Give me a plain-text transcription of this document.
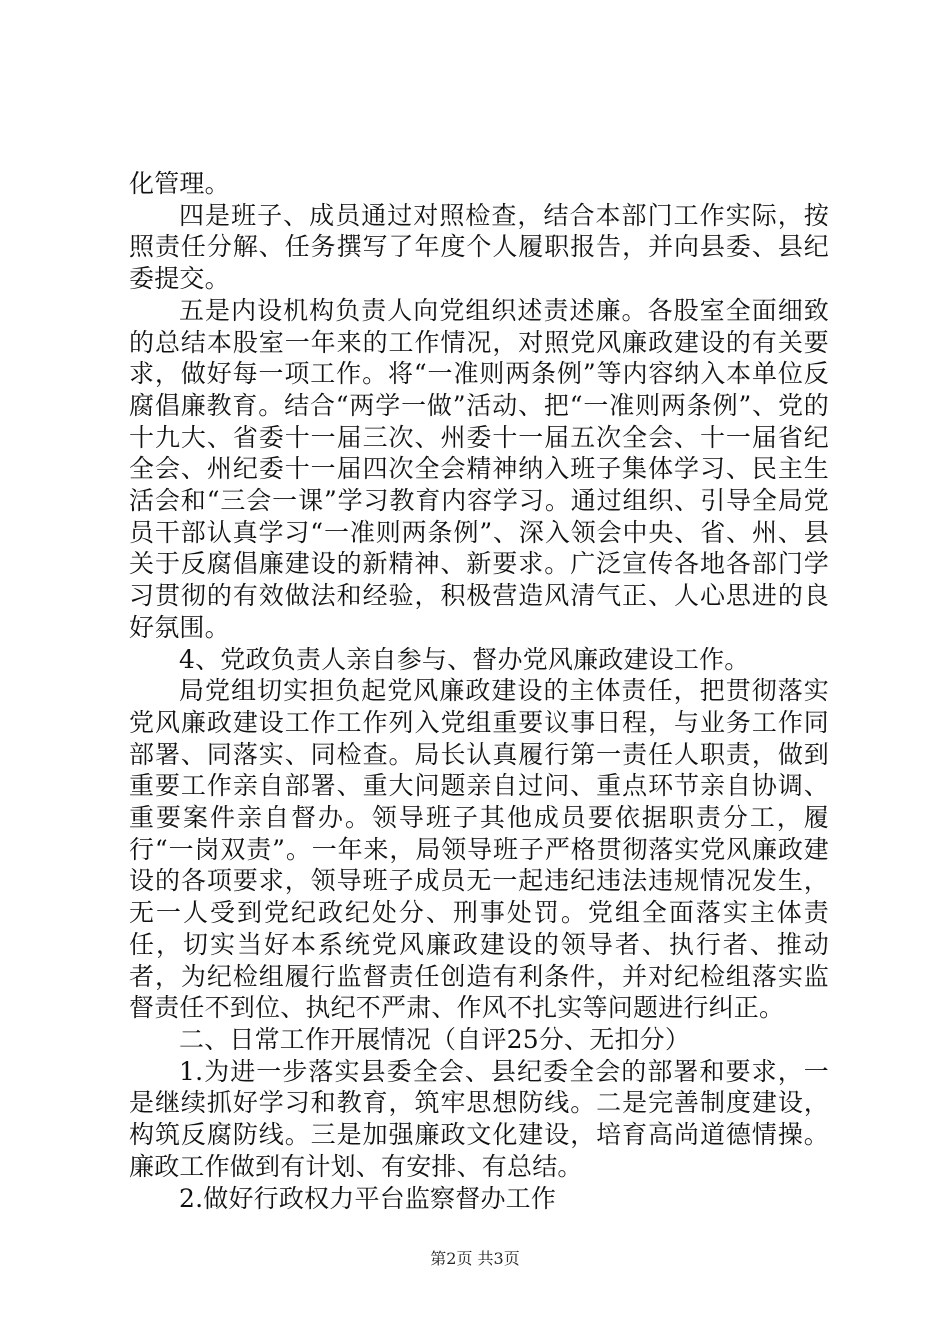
化管理。

四是班子、成员通过对照检查，结合本部门工作实际，按照责任分解、任务撰写了年度个人履职报告，并向县委、县纪委提交。

五是内设机构负责人向党组织述责述廉。各股室全面细致的总结本股室一年来的工作情况，对照党风廉政建设的有关要求，做好每一项工作。将“一准则两条例”等内容纳入本单位反腐倡廉教育。结合“两学一做”活动、把“一准则两条例”、党的十九大、省委十一届三次、州委十一届五次全会、十一届省纪全会、州纪委十一届四次全会精神纳入班子集体学习、民主生活会和“三会一课”学习教育内容学习。通过组织、引导全局党员干部认真学习“一准则两条例”、深入领会中央、省、州、县关于反腐倡廉建设的新精神、新要求。广泛宣传各地各部门学习贯彻的有效做法和经验，积极营造风清气正、人心思进的良好氛围。

4、党政负责人亲自参与、督办党风廉政建设工作。

局党组切实担负起党风廉政建设的主体责任，把贯彻落实党风廉政建设工作工作列入党组重要议事日程，与业务工作同部署、同落实、同检查。局长认真履行第一责任人职责，做到重要工作亲自部署、重大问题亲自过问、重点环节亲自协调、重要案件亲自督办。领导班子其他成员要依据职责分工，履行“一岗双责”。一年来，局领导班子严格贯彻落实党风廉政建设的各项要求，领导班子成员无一起违纪违法违规情况发生，无一人受到党纪政纪处分、刑事处罚。党组全面落实主体责任，切实当好本系统党风廉政建设的领导者、执行者、推动者，为纪检组履行监督责任创造有利条件，并对纪检组落实监督责任不到位、执纪不严肃、作风不扎实等问题进行纠正。

二、日常工作开展情况（自评25分、无扣分）

1.为进一步落实县委全会、县纪委全会的部署和要求，一是继续抓好学习和教育，筑牢思想防线。二是完善制度建设，构筑反腐防线。三是加强廉政文化建设，培育高尚道德情操。廉政工作做到有计划、有安排、有总结。

2.做好行政权力平台监察督办工作

第2页 共3页
